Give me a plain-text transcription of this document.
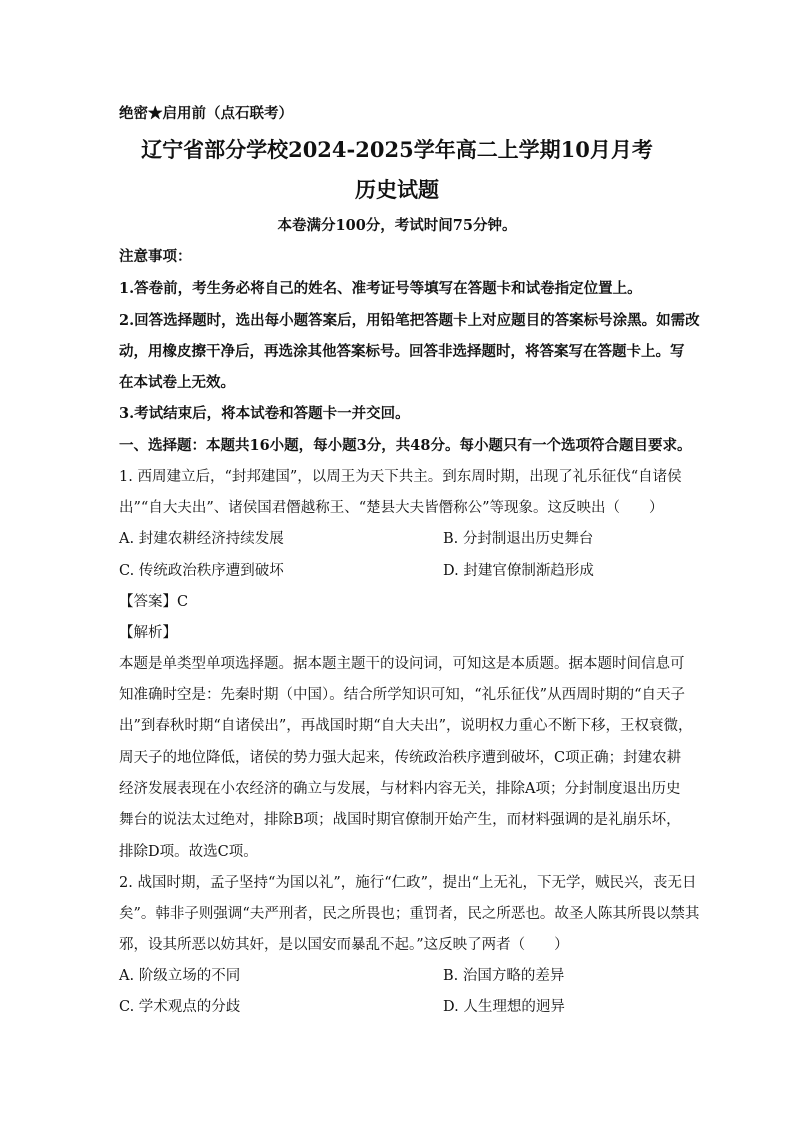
绝密★启用前（点石联考）
辽宁省部分学校2024-2025学年高二上学期10月月考
历史试题
本卷满分100分，考试时间75分钟。
注意事项：
1.答卷前，考生务必将自己的姓名、准考证号等填写在答题卡和试卷指定位置上。
2.回答选择题时，选出每小题答案后，用铅笔把答题卡上对应题目的答案标号涂黑。如需改
动，用橡皮擦干净后，再选涂其他答案标号。回答非选择题时，将答案写在答题卡上。写
在本试卷上无效。
3.考试结束后，将本试卷和答题卡一并交回。
一、选择题：本题共16小题，每小题3分，共48分。每小题只有一个选项符合题目要求。
1. 西周建立后，“封邦建国”，以周王为天下共主。到东周时期，出现了礼乐征伐“自诸侯
出”“自大夫出”、诸侯国君僭越称王、“楚县大夫皆僭称公”等现象。这反映出（　　）
A. 封建农耕经济持续发展	B. 分封制退出历史舞台
C. 传统政治秩序遭到破坏	D. 封建官僚制渐趋形成
【答案】C
【解析】
本题是单类型单项选择题。据本题主题干的设问词，可知这是本质题。据本题时间信息可
知准确时空是：先秦时期（中国）。结合所学知识可知，“礼乐征伐”从西周时期的“自天子
出”到春秋时期“自诸侯出”，再战国时期“自大夫出”，说明权力重心不断下移，王权衰微，
周天子的地位降低，诸侯的势力强大起来，传统政治秩序遭到破坏，C项正确；封建农耕
经济发展表现在小农经济的确立与发展，与材料内容无关，排除A项；分封制度退出历史
舞台的说法太过绝对，排除B项；战国时期官僚制开始产生，而材料强调的是礼崩乐坏，
排除D项。故选C项。
2. 战国时期，孟子坚持“为国以礼”，施行“仁政”，提出“上无礼，下无学，贼民兴，丧无日
矣”。韩非子则强调“夫严刑者，民之所畏也；重罚者，民之所恶也。故圣人陈其所畏以禁其
邪，设其所恶以妨其奸，是以国安而暴乱不起。”这反映了两者（　　）
A. 阶级立场的不同	B. 治国方略的差异
C. 学术观点的分歧	D. 人生理想的迥异
